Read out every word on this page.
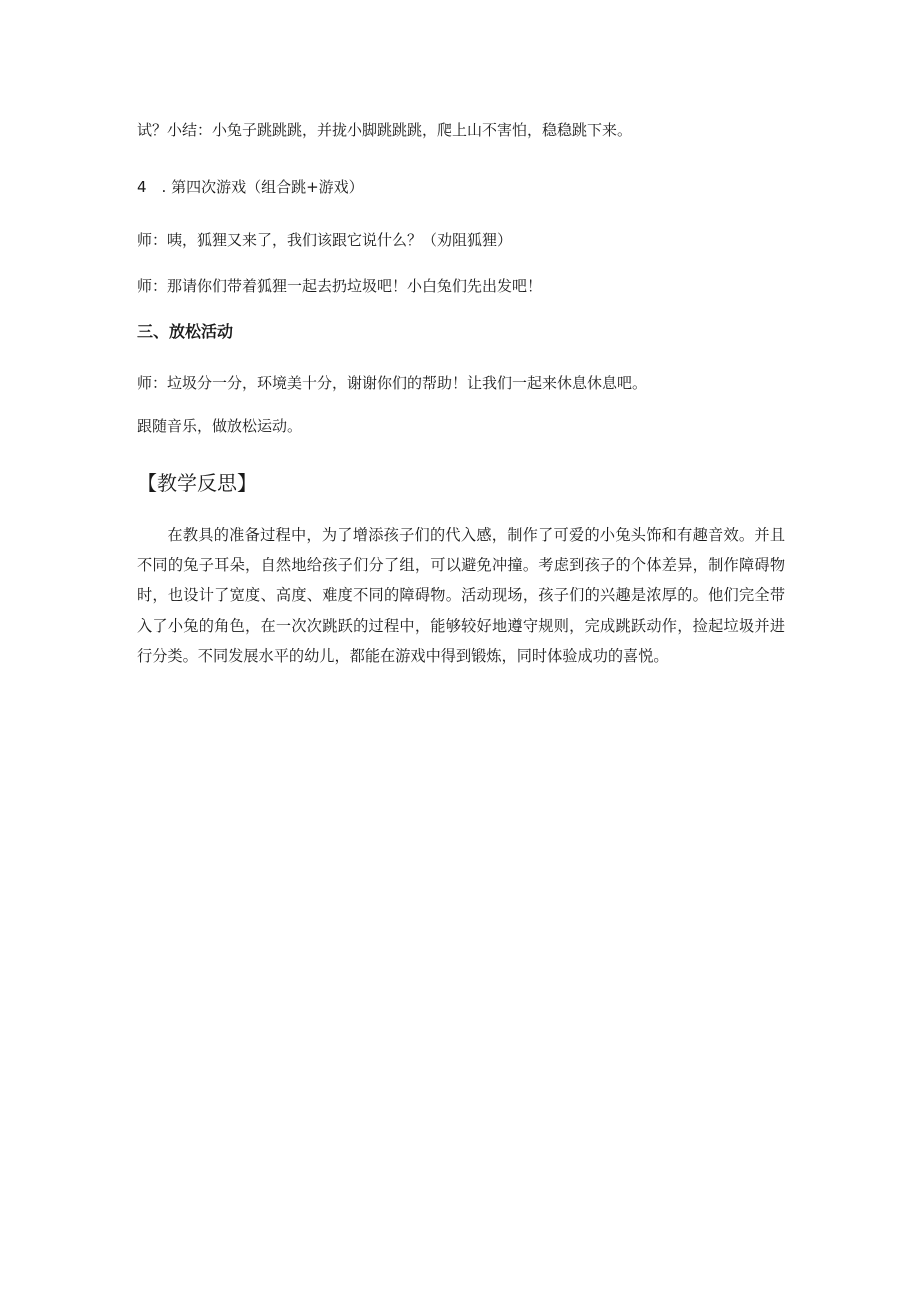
试？小结：小兔子跳跳跳，并拢小脚跳跳跳，爬上山不害怕，稳稳跳下来。
4　. 第四次游戏（组合跳+游戏）
师：咦，狐狸又来了，我们该跟它说什么？（劝阻狐狸）
师：那请你们带着狐狸一起去扔垃圾吧！小白兔们先出发吧！
三、放松活动
师：垃圾分一分，环境美十分，谢谢你们的帮助！让我们一起来休息休息吧。
跟随音乐，做放松运动。
【教学反思】

在教具的准备过程中，为了增添孩子们的代入感，制作了可爱的小兔头饰和有趣音效。并且不同的兔子耳朵，自然地给孩子们分了组，可以避免冲撞。考虑到孩子的个体差异，制作障碍物时，也设计了宽度、高度、难度不同的障碍物。活动现场，孩子们的兴趣是浓厚的。他们完全带入了小兔的角色，在一次次跳跃的过程中，能够较好地遵守规则，完成跳跃动作，捡起垃圾并进行分类。不同发展水平的幼儿，都能在游戏中得到锻炼，同时体验成功的喜悦。
